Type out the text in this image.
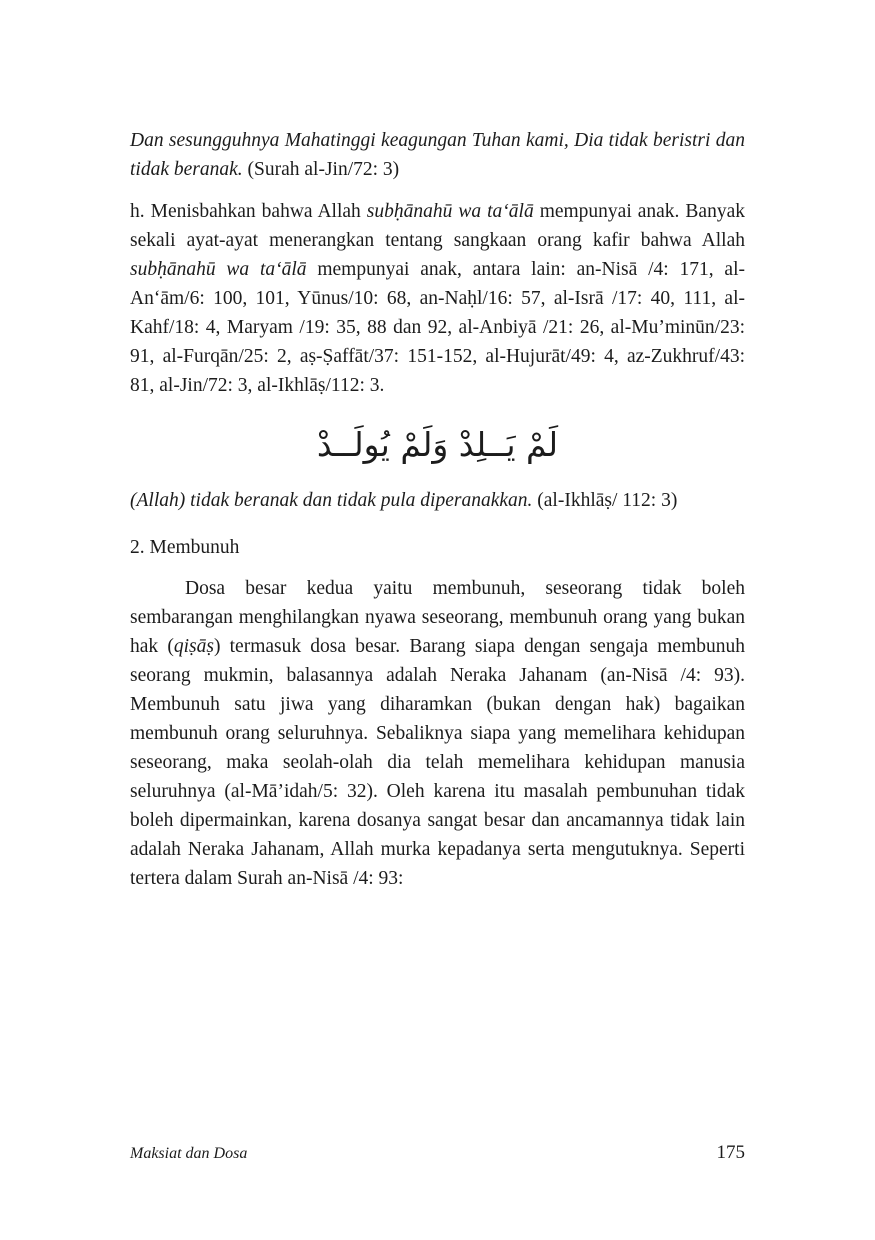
Dan sesungguhnya Mahatinggi keagungan Tuhan kami, Dia tidak beristri dan tidak beranak. (Surah al-Jin/72: 3)

h. Menisbahkan bahwa Allah subḥānahū wa ta‘ālā mempunyai anak. Banyak sekali ayat-ayat menerangkan tentang sangkaan orang kafir bahwa Allah subḥānahū wa ta‘ālā mempunyai anak, antara lain: an-Nisā /4: 171, al-An‘ām/6: 100, 101, Yūnus/10: 68, an-Naḥl/16: 57, al-Isrā /17: 40, 111, al-Kahf/18: 4, Maryam /19: 35, 88 dan 92, al-Anbiyā /21: 26, al-Mu’minūn/23: 91, al-Furqān/25: 2, aṣ-Ṣaffāt/37: 151-152, al-Hujurāt/49: 4, az-Zukhruf/43: 81, al-Jin/72: 3, al-Ikhlāṣ/112: 3.

لَمْ يَــلِدْ وَلَمْ يُولَــدْ

(Allah) tidak beranak dan tidak pula diperanakkan. (al-Ikhlāṣ/ 112: 3)

2. Membunuh

Dosa besar kedua yaitu membunuh, seseorang tidak boleh sembarangan menghilangkan nyawa seseorang, membunuh orang yang bukan hak (qiṣāṣ) termasuk dosa besar. Barang siapa dengan sengaja membunuh seorang mukmin, balasannya adalah Neraka Jahanam (an-Nisā /4: 93). Membunuh satu jiwa yang diharamkan (bukan dengan hak) bagaikan membunuh orang seluruhnya. Sebaliknya siapa yang memelihara kehidupan seseorang, maka seolah-olah dia telah memelihara kehidupan manusia seluruhnya (al-Mā’idah/5: 32). Oleh karena itu masalah pembunuhan tidak boleh dipermainkan, karena dosanya sangat besar dan ancamannya tidak lain adalah Neraka Jahanam, Allah murka kepadanya serta mengutuknya. Seperti tertera dalam Surah an-Nisā /4: 93:

Maksiat dan Dosa	175
